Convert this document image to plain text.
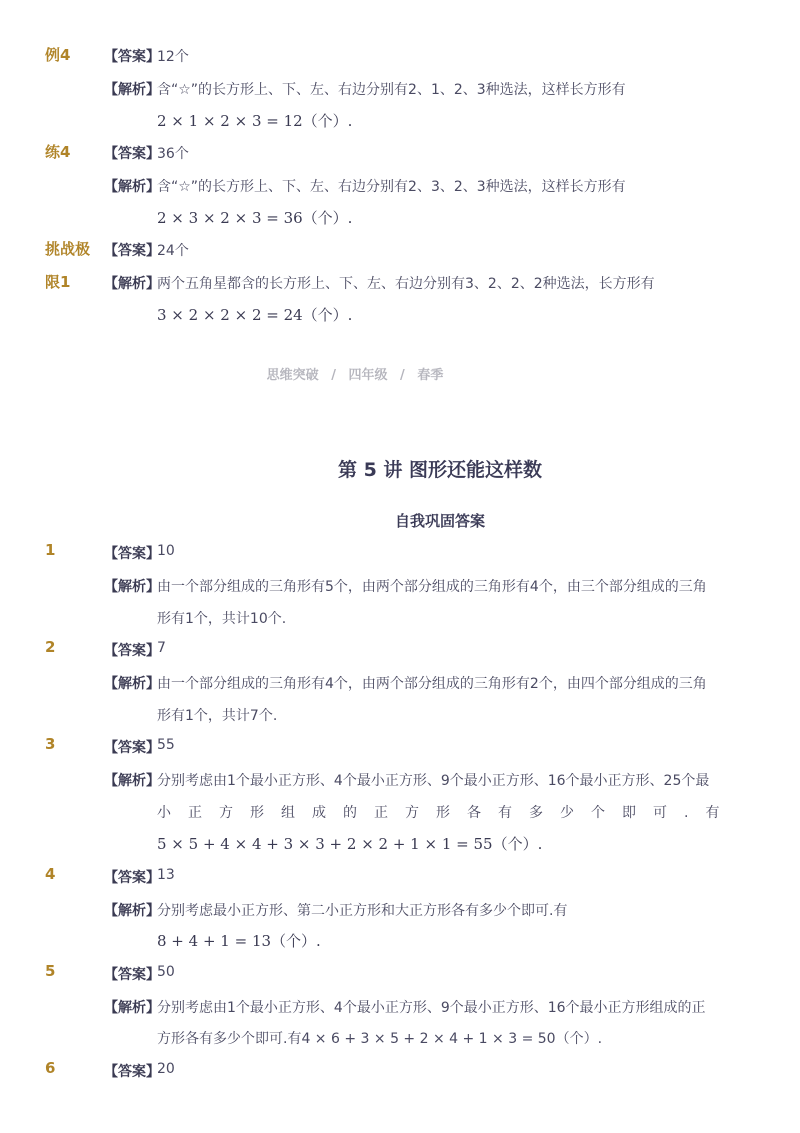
例4 【答案】
12个
【解析】
含“☆”的长方形上、下、左、右边分别有2、1、2、3种选法，这样长方形有
2 × 1 × 2 × 3 = 12（个）.
练4 【答案】
36个
【解析】
含“☆”的长方形上、下、左、右边分别有2、3、2、3种选法，这样长方形有
2 × 3 × 2 × 3 = 36（个）.
挑战极 【答案】
24个
限1 【解析】
两个五角星都含的长方形上、下、左、右边分别有3、2、2、2种选法，长方形有
3 × 2 × 2 × 2 = 24（个）.
思维突破 / 四年级 / 春季
第 5 讲 图形还能这样数
自我巩固答案
1	【答案】
10
【解析】
由一个部分组成的三角形有5个，由两个部分组成的三角形有4个，由三个部分组成的三角
形有1个，共计10个.
2	【答案】
7
【解析】
由一个部分组成的三角形有4个，由两个部分组成的三角形有2个，由四个部分组成的三角
形有1个，共计7个.
3	【答案】
55
【解析】
分别考虑由1个最小正方形、4个最小正方形、9个最小正方形、16个最小正方形、25个最
小正方形组成的正方形各有多少个即可.有
5 × 5 + 4 × 4 + 3 × 3 + 2 × 2 + 1 × 1 = 55（个）.
4	【答案】
13
【解析】
分别考虑最小正方形、第二小正方形和大正方形各有多少个即可.有
8 + 4 + 1 = 13（个）.
5	【答案】
50
【解析】
分别考虑由1个最小正方形、4个最小正方形、9个最小正方形、16个最小正方形组成的正
方形各有多少个即可.有4 × 6 + 3 × 5 + 2 × 4 + 1 × 3 = 50（个）.
6	【答案】
20
